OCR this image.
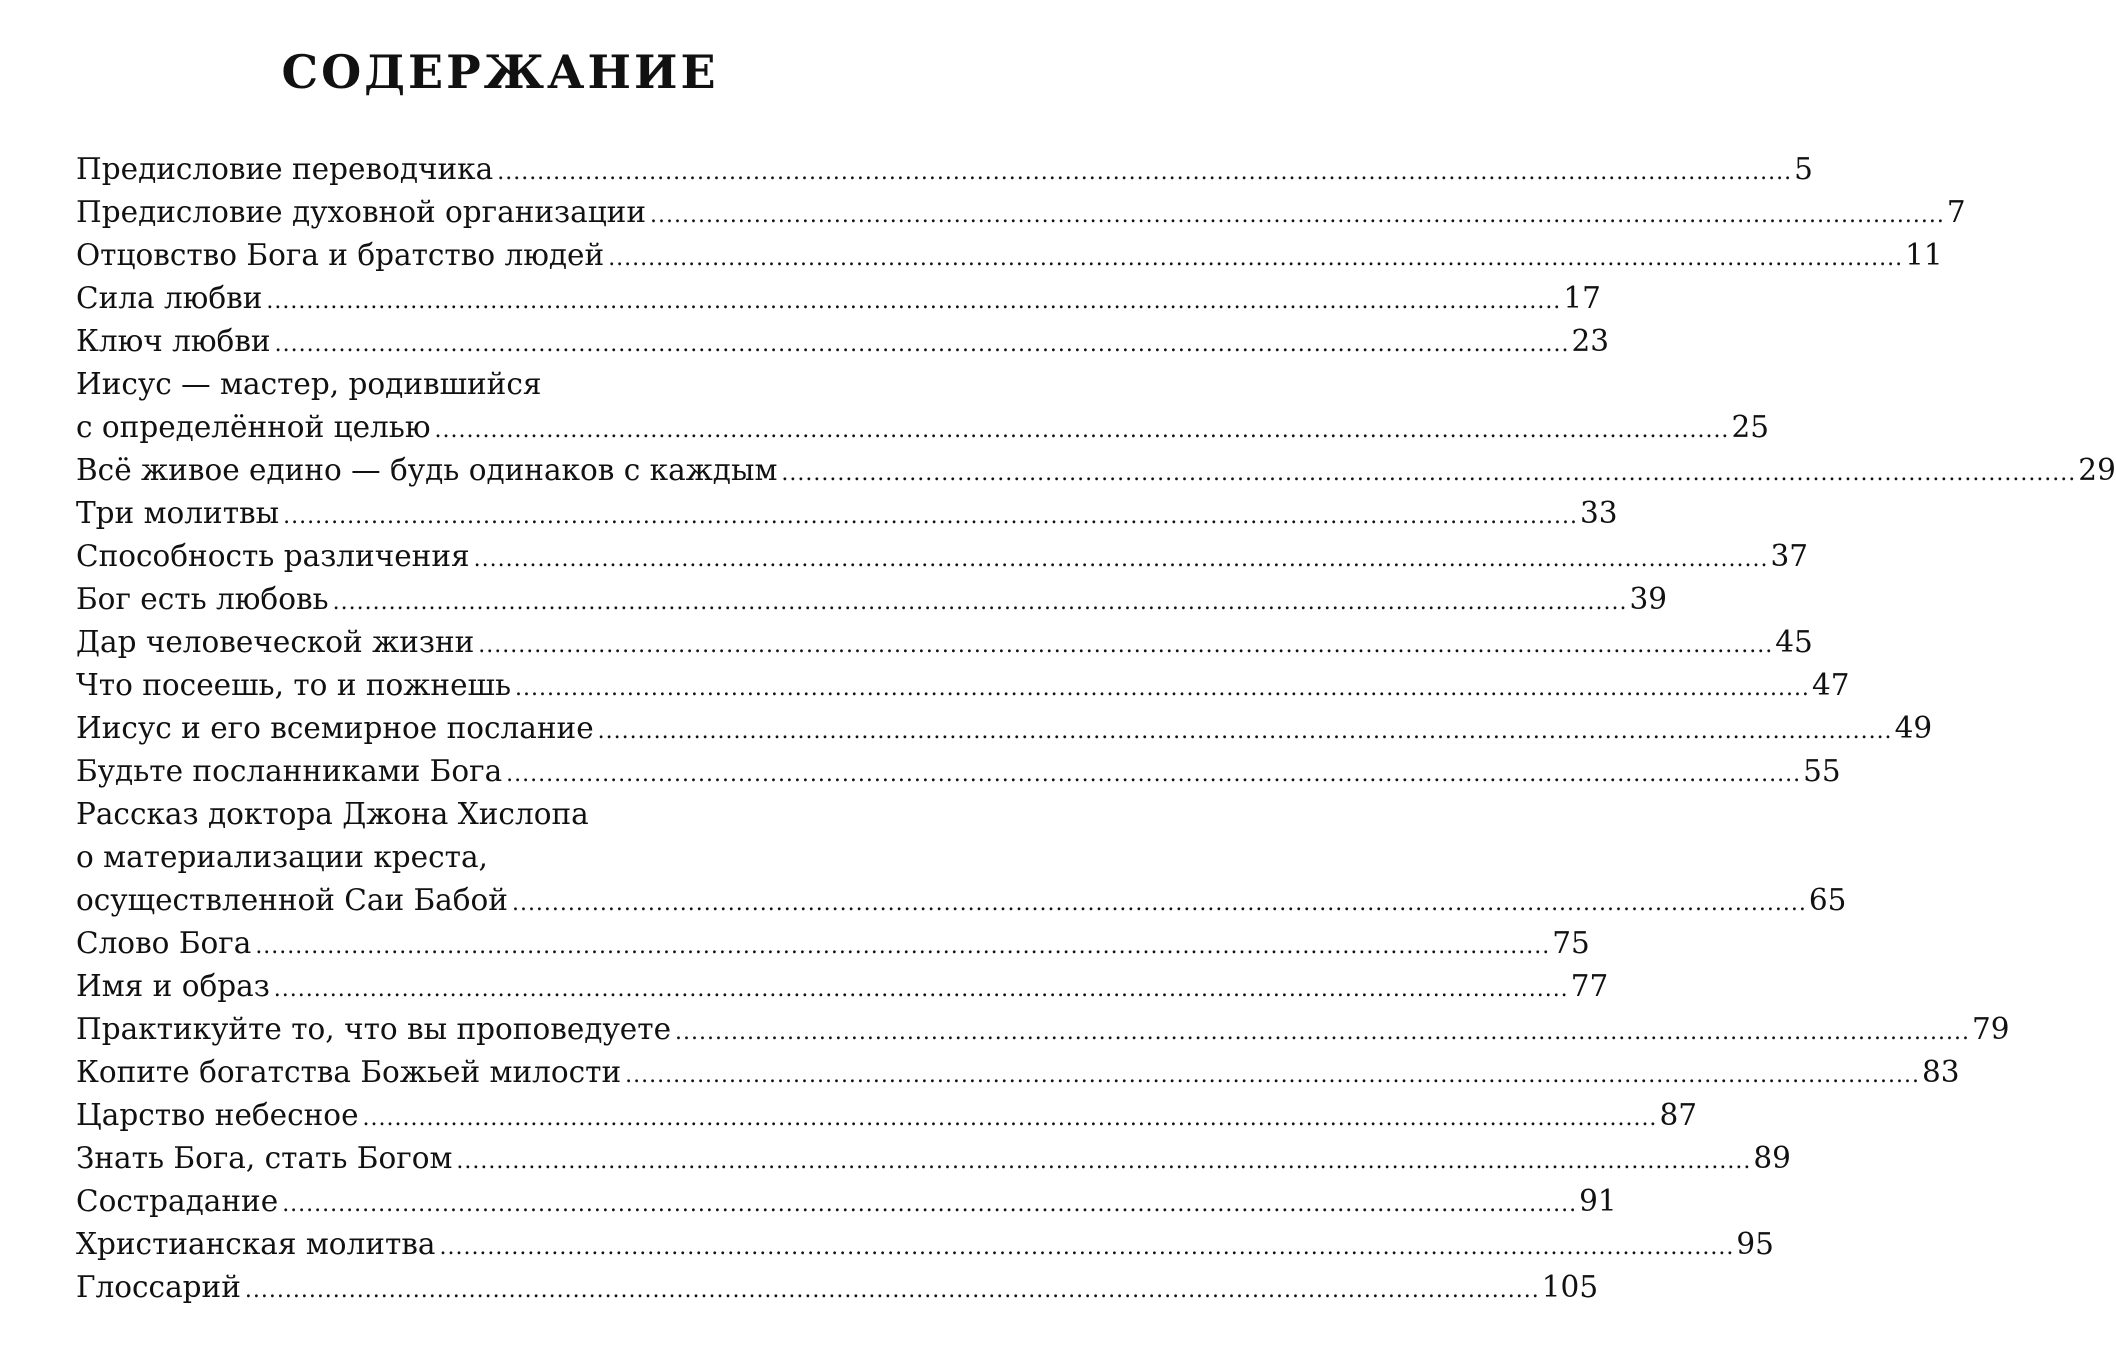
СОДЕРЖАНИЕ
Предисловие переводчика .....	5
Предисловие духовной организации .....	7
Отцовство Бога и братство людей .....	11
Сила любви .....	17
Ключ любви .....	23
Иисус — мастер, родившийся
с определённой целью .....	25
Всё живое едино — будь одинаков с каждым .....	29
Три молитвы .....	33
Способность различения .....	37
Бог есть любовь .....	39
Дар человеческой жизни .....	45
Что посеешь, то и пожнешь .....	47
Иисус и его всемирное послание .....	49
Будьте посланниками Бога .....	55
Рассказ доктора Джона Хислопа
о материализации креста,
осуществленной Саи Бабой .....	65
Слово Бога .....	75
Имя и образ .....	77
Практикуйте то, что вы проповедуете .....	79
Копите богатства Божьей милости .....	83
Царство небесное .....	87
Знать Бога, стать Богом .....	89
Сострадание .....	91
Христианская молитва .....	95
Глоссарий .....	105
